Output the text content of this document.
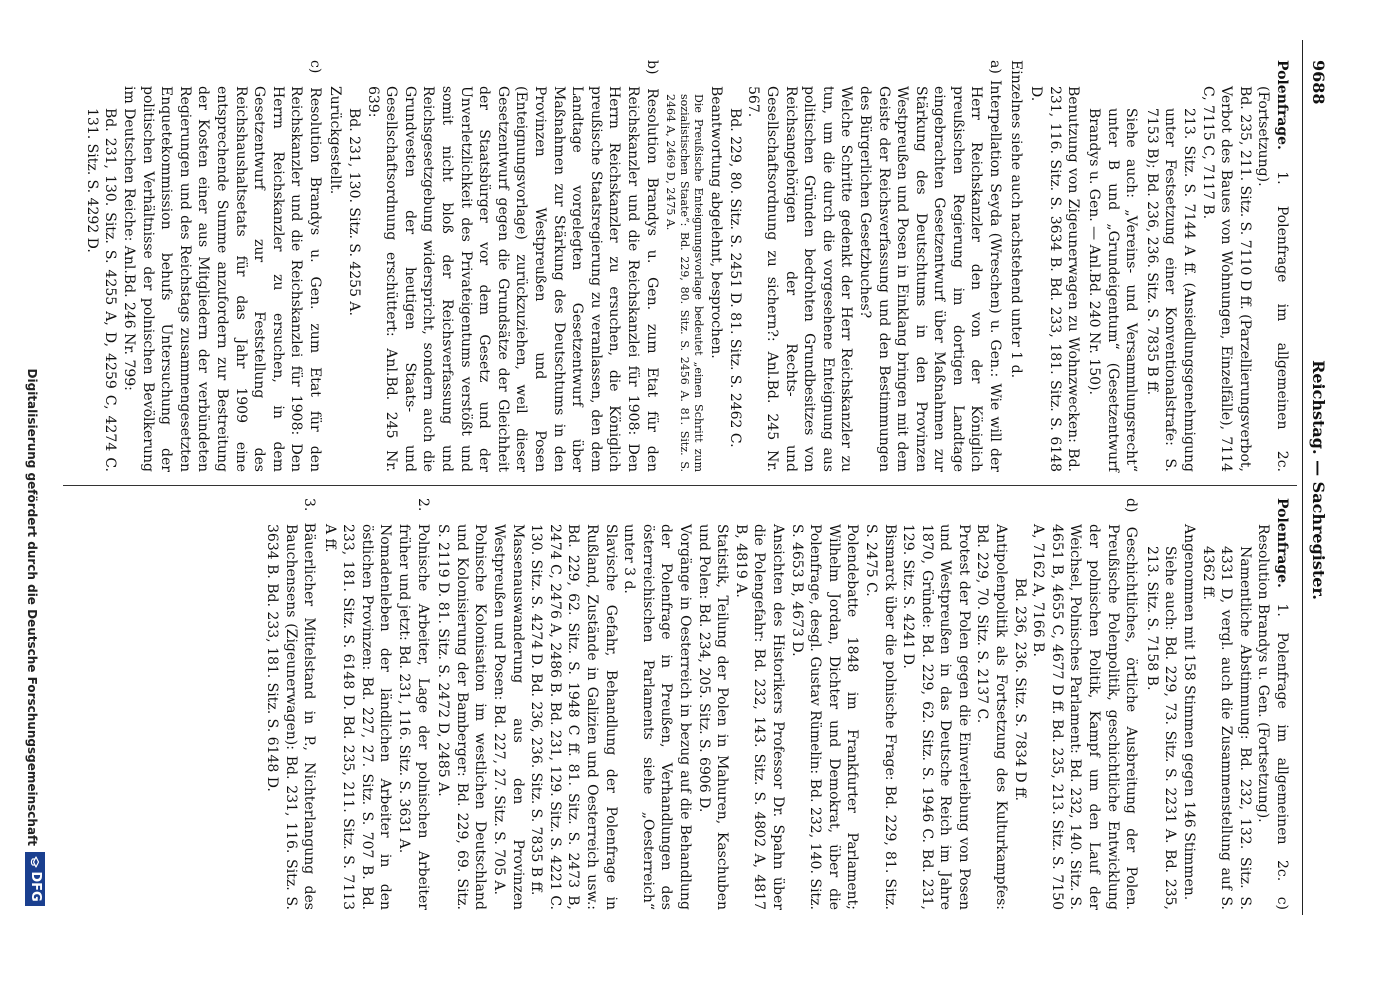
9688
Reichstag. — Sachregister.

Polenfrage. 1. Polenfrage im allgemeinen 2c. (Fortsetzung).

Bd. 235, 211. Sitz. S. 7110 D ff. (Parzellierungsverbot, Verbot des Baues von Wohnungen, Einzelfälle), 7114 C, 7115 C, 7117 B.

213. Sitz. S. 7144 A ff. (Ansiedlungsgenehmigung unter Festsetzung einer Konventionalstrafe: S. 7153 B); Bd. 236, 236. Sitz. S. 7835 B ff.

Siehe auch: „Vereins- und Versammlungsrecht“ unter B und „Grundeigentum“ (Gesetzentwurf Brandys u. Gen. — Anl.Bd. 240 Nr. 150).

Benutzung von Zigeunerwagen zu Wohnzwecken: Bd. 231, 116. Sitz. S. 3634 B. Bd. 233, 181. Sitz. S. 6148 D.

Einzelnes siehe auch nachstehend unter 1 d.

a) Interpellation Seyda (Wreschen) u. Gen.: Wie will der Herr Reichskanzler den von der Königlich preußischen Regierung im dortigen Landtage eingebrachten Gesetzentwurf über Maßnahmen zur Stärkung des Deutschtums in den Provinzen Westpreußen und Posen in Einklang bringen mit dem Geiste der Reichsverfassung und den Bestimmungen des Bürgerlichen Gesetzbuches?

Welche Schritte gedenkt der Herr Reichskanzler zu tun, um die durch die vorgesehene Enteignung aus politischen Gründen bedrohten Grundbesitzes von Reichsangehörigen der Rechts- und Gesellschaftsordnung zu sichern?: Anl.Bd. 245 Nr. 567.

Bd. 229, 80. Sitz. S. 2451 D. 81. Sitz. S. 2462 C.

Beantwortung abgelehnt, besprochen.

Die Preußische Enteignungsvorlage bedeutet „einen Schritt zum sozialistischen Staate“: Bd. 229, 80. Sitz. S. 2456 A. 81. Sitz. S. 2464 A, 2469 D, 2475 A.

b) Resolution Brandys u. Gen. zum Etat für den Reichskanzler und die Reichskanzlei für 1908: Den Herrn Reichskanzler zu ersuchen, die Königlich preußische Staatsregierung zu veranlassen, den dem Landtage vorgelegten Gesetzentwurf über Maßnahmen zur Stärkung des Deutschtums in den Provinzen Westpreußen und Posen (Enteignungsvorlage) zurückzuziehen, weil dieser Gesetzentwurf gegen die Grundsätze der Gleichheit der Staatsbürger vor dem Gesetz und der Unverletzlichkeit des Privateigentums verstößt und somit nicht bloß der Reichsverfassung und Reichsgesetzgebung widerspricht, sondern auch die Grundvesten der heutigen Staats- und Gesellschaftsordnung erschüttert: Anl.Bd. 245 Nr. 639:

Bd. 231, 130. Sitz. S. 4255 A.

Zurückgestellt.

c) Resolution Brandys u. Gen. zum Etat für den Reichskanzler und die Reichskanzlei für 1908: Den Herrn Reichskanzler zu ersuchen, in dem Gesetzentwurf zur Feststellung des Reichshaushaltsetats für das Jahr 1909 eine entsprechende Summe anzufordern zur Bestreitung der Kosten einer aus Mitgliedern der verbündeten Regierungen und des Reichstags zusammengesetzten Enquetekommission behufs Untersuchung der politischen Verhältnisse der polnischen Bevölkerung im Deutschen Reiche: Anl.Bd. 246 Nr. 799:

Bd. 231, 130. Sitz. S. 4255 A, D, 4259 C, 4274 C. 131. Sitz. S. 4292 D.

Polenfrage. 1. Polenfrage im allgemeinen 2c. c) Resolution Brandys u. Gen. (Fortsetzung).

Namentliche Abstimmung: Bd. 232, 132. Sitz. S. 4331 D, vergl. auch die Zusammenstellung auf S. 4362 ff.

Angenommen mit 158 Stimmen gegen 146 Stimmen.

Siehe auch: Bd. 229, 73. Sitz. S. 2231 A. Bd. 235, 213. Sitz. S. 7158 B.

d) Geschichtliches, örtliche Ausbreitung der Polen. Preußische Polenpolitik, geschichtliche Entwicklung der polnischen Politik, Kampf um den Lauf der Weichsel, Polnisches Parlament: Bd. 232, 140. Sitz. S. 4651 B, 4655 C, 4677 D ff. Bd. 235, 213. Sitz. S. 7150 A, 7162 A, 7166 B.

Bd. 236, 236. Sitz. S. 7834 D ff.

Antipolenpolitik als Fortsetzung des Kulturkampfes: Bd. 229, 70. Sitz. S. 2137 C.

Protest der Polen gegen die Einverleibung von Posen und Westpreußen in das Deutsche Reich im Jahre 1870, Gründe: Bd. 229, 62. Sitz. S. 1946 C. Bd. 231, 129. Sitz. S. 4241 D.

Bismarck über die polnische Frage: Bd. 229, 81. Sitz. S. 2475 C.

Polendebatte 1848 im Frankfurter Parlament; Wilhelm Jordan, Dichter und Demokrat, über die Polenfrage, desgl. Gustav Rümelin: Bd. 232, 140. Sitz. S. 4653 B, 4673 D.

Ansichten des Historikers Professor Dr. Spahn über die Polengefahr: Bd. 232, 143. Sitz. S. 4802 A, 4817 B, 4819 A.

Statistik, Teilung der Polen in Mahuren, Kaschuben und Polen: Bd. 234, 205. Sitz. S. 6906 D.

Vorgänge in Oesterreich in bezug auf die Behandlung der Polenfrage in Preußen, Verhandlungen des österreichischen Parlaments siehe „Oesterreich“ unter 3 d.

Slavische Gefahr, Behandlung der Polenfrage in Rußland, Zustände in Galizien und Oesterreich usw.: Bd. 229, 62. Sitz. S. 1948 C ff. 81. Sitz. S. 2473 B, 2474 C, 2476 A, 2486 B. Bd. 231, 129. Sitz. S. 4221 C. 130. Sitz. S. 4274 D. Bd. 236, 236. Sitz. S. 7835 B ff.

Massenauswanderung aus den Provinzen Westpreußen und Posen: Bd. 227, 27. Sitz. S. 705 A.

Polnische Kolonisation im westlichen Deutschland und Kolonisierung der Bamberger: Bd. 229, 69. Sitz. S. 2119 D. 81. Sitz. S. 2472 D, 2485 A.

2. Polnische Arbeiter, Lage der polnischen Arbeiter früher und jetzt: Bd. 231, 116. Sitz. S. 3631 A.

Nomadenleben der ländlichen Arbeiter in den östlichen Provinzen: Bd. 227, 27. Sitz. S. 707 B. Bd. 233, 181. Sitz. S. 6148 D. Bd. 235, 211. Sitz. S. 7113 A ff.

3. Bäuerlicher Mittelstand in P., Nichterlangung des Bauchensens (Zigeunerwagen): Bd. 231, 116. Sitz. S. 3634 B. Bd. 233, 181. Sitz. S. 6148 D.

Digitalisierung gefördert durch die Deutsche Forschungsgemeinschaft
DFG
